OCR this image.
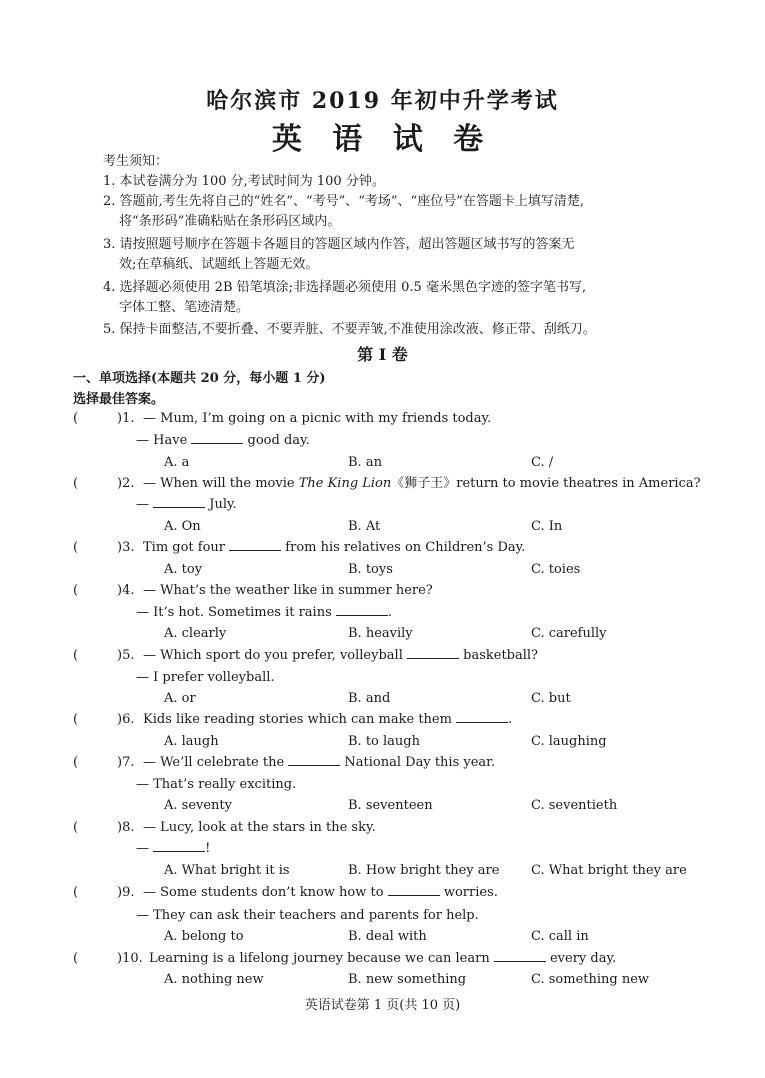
哈尔滨市 2019 年初中升学考试
英 语 试 卷
考生须知：
1. 本试卷满分为 100 分,考试时间为 100 分钟。
2. 答题前,考生先将自己的“姓名”、“考号”、“考场”、“座位号”在答题卡上填写清楚,
将“条形码”准确粘贴在条形码区域内。
3. 请按照题号顺序在答题卡各题目的答题区域内作答，超出答题区域书写的答案无
效;在草稿纸、试题纸上答题无效。
4. 选择题必须使用 2B 铅笔填涂;非选择题必须使用 0.5 毫米黑色字迹的签字笔书写,
字体工整、笔迹清楚。
5. 保持卡面整洁,不要折叠、不要弄脏、不要弄皱,不准使用涂改液、修正带、刮纸刀。
第 I 卷
一、单项选择(本题共 20 分，每小题 1 分)
选择最佳答案。
(	)1. — Mum, I’m going on a picnic with my friends today.
— Have	good day.
A. a	B. an	C. /
(	)2. — When will the movie The King Lion《狮子王》return to movie theatres in America?
—	July.
A. On	B. At	C. In
(	)3. Tim got four	from his relatives on Children’s Day.
A. toy	B. toys	C. toies
(	)4. — What’s the weather like in summer here?
— It’s hot. Sometimes it rains	.
A. clearly	B. heavily	C. carefully
(	)5. — Which sport do you prefer, volleyball	basketball?
— I prefer volleyball.
A. or	B. and	C. but
(	)6. Kids like reading stories which can make them	.
A. laugh	B. to laugh	C. laughing
(	)7. — We’ll celebrate the	National Day this year.
— That’s really exciting.
A. seventy	B. seventeen	C. seventieth
(	)8. — Lucy, look at the stars in the sky.
—	!
A. What bright it is	B. How bright they are C. What bright they are
(	)9. — Some students don’t know how to	worries.
— They can ask their teachers and parents for help.
A. belong to	B. deal with	C. call in
(	)10. Learning is a lifelong journey because we can learn	every day.
A. nothing new	B. new something	C. something new
英语试卷第 1 页(共 10 页)
